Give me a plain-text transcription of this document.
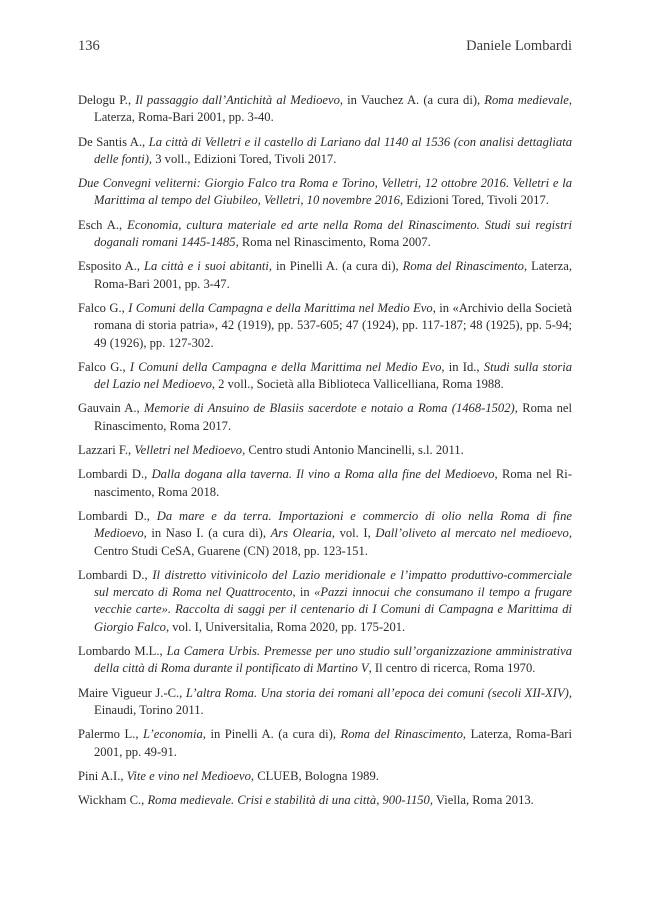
136	Daniele Lombardi
Delogu P., Il passaggio dall’Antichità al Medioevo, in Vauchez A. (a cura di), Roma medievale, Laterza, Roma-Bari 2001, pp. 3-40.
De Santis A., La città di Velletri e il castello di Lariano dal 1140 al 1536 (con analisi dettagliata delle fonti), 3 voll., Edizioni Tored, Tivoli 2017.
Due Convegni veliterni: Giorgio Falco tra Roma e Torino, Velletri, 12 ottobre 2016. Velletri e la Marittima al tempo del Giubileo, Velletri, 10 novembre 2016, Edizioni Tored, Tivoli 2017.
Esch A., Economia, cultura materiale ed arte nella Roma del Rinascimento. Studi sui registri doganali romani 1445-1485, Roma nel Rinascimento, Roma 2007.
Esposito A., La città e i suoi abitanti, in Pinelli A. (a cura di), Roma del Rinascimento, Laterza, Roma-Bari 2001, pp. 3-47.
Falco G., I Comuni della Campagna e della Marittima nel Medio Evo, in «Archivio della Società romana di storia patria», 42 (1919), pp. 537-605; 47 (1924), pp. 117-187; 48 (1925), pp. 5-94; 49 (1926), pp. 127-302.
Falco G., I Comuni della Campagna e della Marittima nel Medio Evo, in Id., Studi sulla storia del Lazio nel Medioevo, 2 voll., Società alla Biblioteca Vallicelliana, Roma 1988.
Gauvain A., Memorie di Ansuino de Blasiis sacerdote e notaio a Roma (1468-1502), Roma nel Rinascimento, Roma 2017.
Lazzari F., Velletri nel Medioevo, Centro studi Antonio Mancinelli, s.l. 2011.
Lombardi D., Dalla dogana alla taverna. Il vino a Roma alla fine del Medioevo, Roma nel Rinascimento, Roma 2018.
Lombardi D., Da mare e da terra. Importazioni e commercio di olio nella Roma di fine Medioevo, in Naso I. (a cura di), Ars Olearia, vol. I, Dall’oliveto al mercato nel medioevo, Centro Studi CeSA, Guarene (CN) 2018, pp. 123-151.
Lombardi D., Il distretto vitivinicolo del Lazio meridionale e l’impatto produttivo-commerciale sul mercato di Roma nel Quattrocento, in «Pazzi innocui che consumano il tempo a frugare vecchie carte». Raccolta di saggi per il centenario di I Comuni di Campagna e Marittima di Giorgio Falco, vol. I, Universitalia, Roma 2020, pp. 175-201.
Lombardo M.L., La Camera Urbis. Premesse per uno studio sull’organizzazione amministrativa della città di Roma durante il pontificato di Martino V, Il centro di ricerca, Roma 1970.
Maire Vigueur J.-C., L’altra Roma. Una storia dei romani all’epoca dei comuni (secoli XII-XIV), Einaudi, Torino 2011.
Palermo L., L’economia, in Pinelli A. (a cura di), Roma del Rinascimento, Laterza, Roma-Bari 2001, pp. 49-91.
Pini A.I., Vite e vino nel Medioevo, CLUEB, Bologna 1989.
Wickham C., Roma medievale. Crisi e stabilità di una città, 900-1150, Viella, Roma 2013.
